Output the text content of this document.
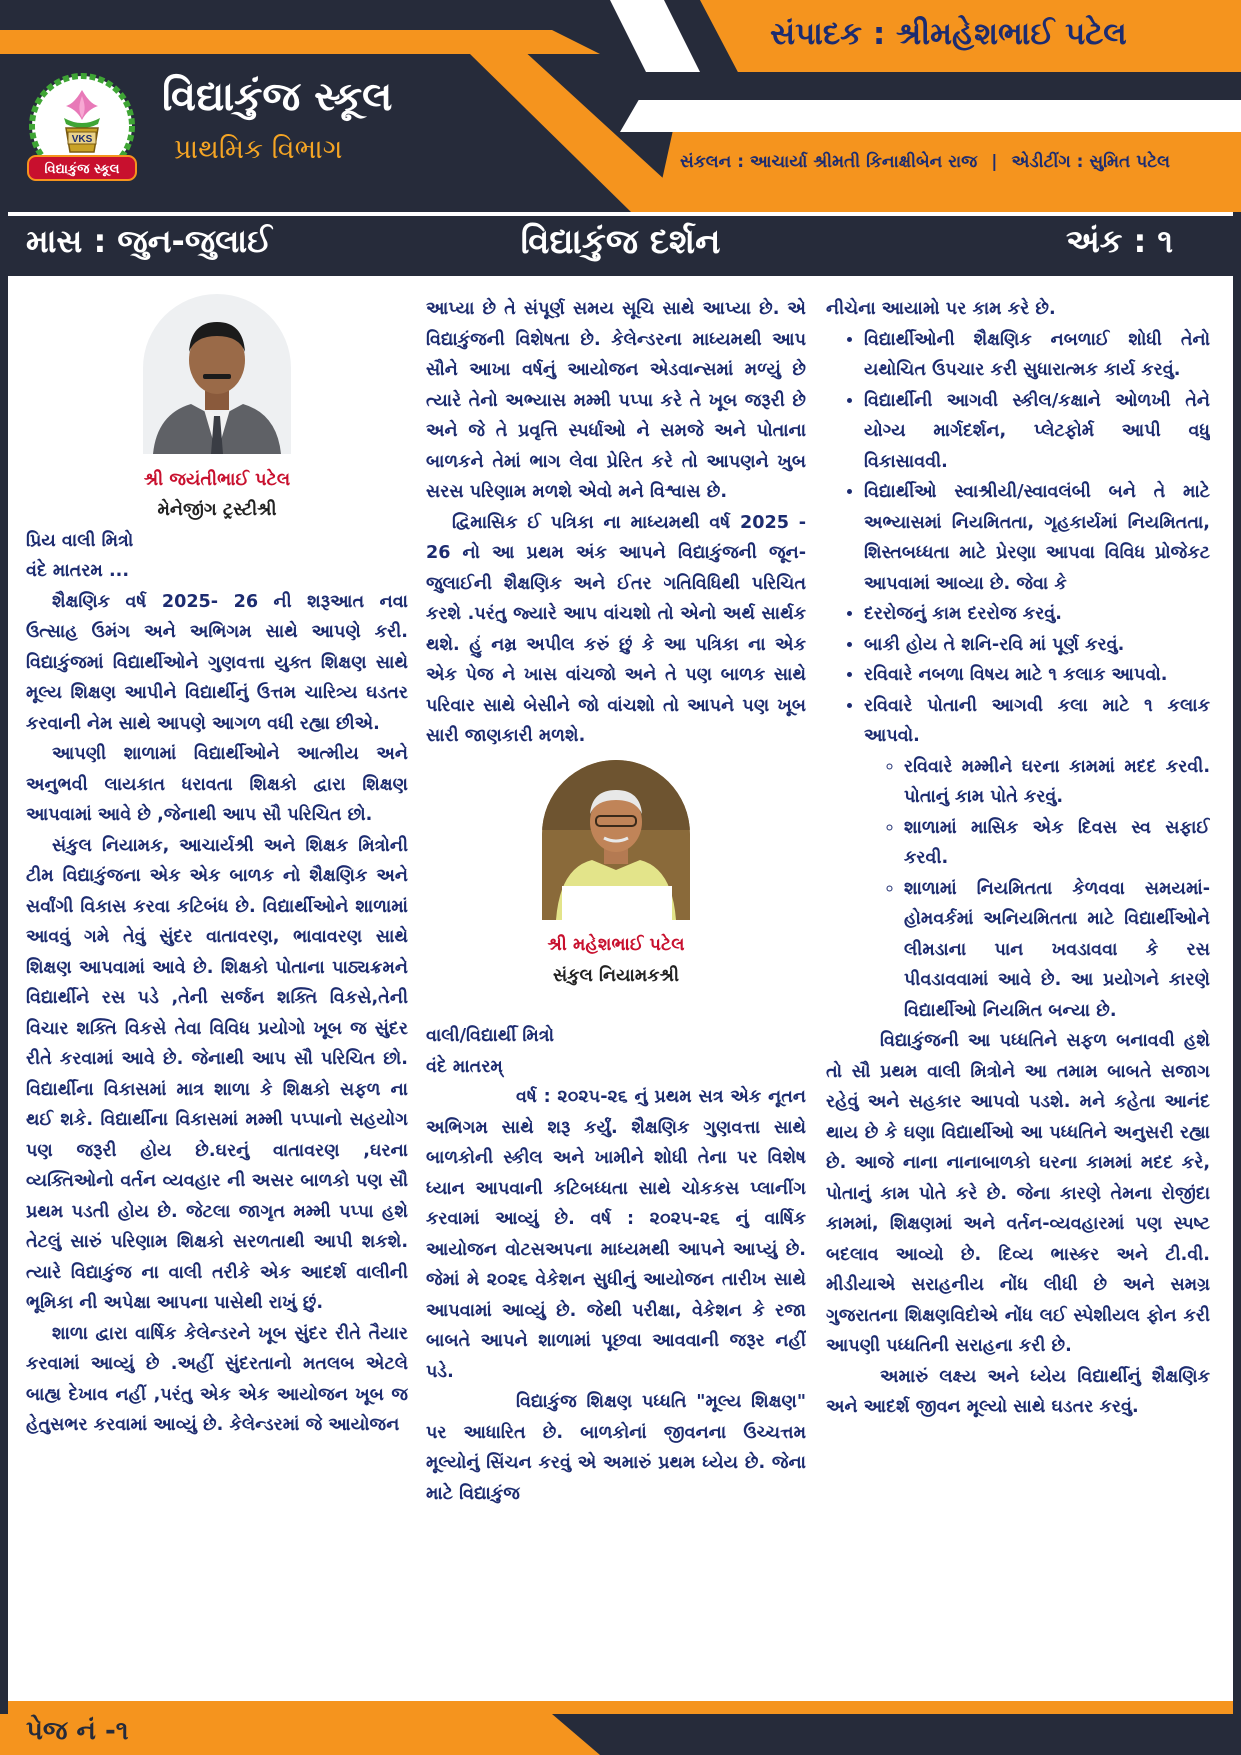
સંપાદક : શ્રીમહેશભાઈ પટેલ
VKS
વિદ્યાકુંજ સ્કૂલ
વિદ્યાકુંજ સ્કૂલ
પ્રાથમિક વિભાગ	સંકલન : આચાર્યા શ્રીમતી કિનાક્ષીબેન રાજ | એડીટીંગ : સુમિત પટેલ
માસ : જુન-જુલાઈ	વિદ્યાકુંજ દર્શન	અંક : ૧
શ્રી જયંતીભાઈ પટેલ
મેનેજીંગ ટ્રસ્ટીશ્રી

પ્રિય વાલી મિત્રો

વંદે માતરમ ...

શૈક્ષણિક વર્ષ 2025- 26 ની શરૂઆત નવા ઉત્સાહ ઉમંગ અને અભિગમ સાથે આપણે કરી. વિદ્યાકુંજમાં વિદ્યાર્થીઓને ગુણવત્તા યુક્ત શિક્ષણ સાથે મૂલ્ય શિક્ષણ આપીને વિદ્યાર્થીનું ઉત્તમ ચારિત્ર્ય ઘડતર કરવાની નેમ સાથે આપણે આગળ વધી રહ્યા છીએ.

આપણી શાળામાં વિદ્યાર્થીઓને આત્મીય અને અનુભવી લાયકાત ધરાવતા શિક્ષકો દ્વારા શિક્ષણ આપવામાં આવે છે ,જેનાથી આપ સૌ પરિચિત છો.

સંકુલ નિયામક, આચાર્યશ્રી અને શિક્ષક મિત્રોની ટીમ વિદ્યાકુંજના એક એક બાળક નો શૈક્ષણિક અને સર્વાંગી વિકાસ કરવા કટિબંધ છે. વિદ્યાર્થીઓને શાળામાં આવવું ગમે તેવું સુંદર વાતાવરણ, ભાવાવરણ સાથે શિક્ષણ આપવામાં આવે છે. શિક્ષકો પોતાના પાઠ્યક્રમને વિદ્યાર્થીને રસ પડે ,તેની સર્જન શક્તિ વિકસે,તેની વિચાર શક્તિ વિકસે તેવા વિવિધ પ્રયોગો ખૂબ જ સુંદર રીતે કરવામાં આવે છે. જેનાથી આપ સૌ પરિચિત છો. વિદ્યાર્થીના વિકાસમાં માત્ર શાળા કે શિક્ષકો સફળ ના થઈ શકે. વિદ્યાર્થીના વિકાસમાં મમ્મી પપ્પાનો સહયોગ પણ જરૂરી હોય છે.ઘરનું વાતાવરણ ,ઘરના વ્યક્તિઓનો વર્તન વ્યવહાર ની અસર બાળકો પણ સૌ પ્રથમ પડતી હોય છે. જેટલા જાગૃત મમ્મી પપ્પા હશે તેટલું સારું પરિણામ શિક્ષકો સરળતાથી આપી શકશે. ત્યારે વિદ્યાકુંજ ના વાલી તરીકે એક આદર્શ વાલીની ભૂમિકા ની અપેક્ષા આપના પાસેથી રાખું છું.

શાળા દ્વારા વાર્ષિક કેલેન્ડરને ખૂબ સુંદર રીતે તૈયાર કરવામાં આવ્યું છે .અહીં સુંદરતાનો મતલબ એટલે બાહ્ય દેખાવ નહીં ,પરંતુ એક એક આયોજન ખૂબ જ હેતુસભર કરવામાં આવ્યું છે. કેલેન્ડરમાં જે આયોજન

આપ્યા છે તે સંપૂર્ણ સમય સૂચિ સાથે આપ્યા છે. એ વિદ્યાકુંજની વિશેષતા છે. કેલેન્ડરના માધ્યમથી આપ સૌને આખા વર્ષનું આયોજન એડવાન્સમાં મળ્યું છે ત્યારે તેનો અભ્યાસ મમ્મી પપ્પા કરે તે ખૂબ જરૂરી છે અને જે તે પ્રવૃત્તિ સ્પર્ધાઓ ને સમજે અને પોતાના બાળકને તેમાં ભાગ લેવા પ્રેરિત કરે તો આપણને ખુબ સરસ પરિણામ મળશે એવો મને વિશ્વાસ છે.

દ્વિમાસિક ઈ પત્રિકા ના માધ્યમથી વર્ષ 2025 - 26 નો આ પ્રથમ અંક આપને વિદ્યાકુંજની જૂન-જુલાઈની શૈક્ષણિક અને ઈતર ગતિવિધિથી પરિચિત કરશે .પરંતુ જ્યારે આપ વાંચશો તો એનો અર્થ સાર્થક થશે. હું નમ્ર અપીલ કરું છું કે આ પત્રિકા ના એક એક પેજ ને ખાસ વાંચજો અને તે પણ બાળક સાથે પરિવાર સાથે બેસીને જો વાંચશો તો આપને પણ ખૂબ સારી જાણકારી મળશે.

શ્રી મહેશભાઈ પટેલ
સંકુલ નિયામકશ્રી

વાલી/વિદ્યાર્થી મિત્રો

વંદે માતરમ્

વર્ષ : ૨૦૨૫-૨૬ નું પ્રથમ સત્ર એક નૂતન અભિગમ સાથે શરૂ કર્યું. શૈક્ષણિક ગુણવત્તા સાથે બાળકોની સ્કીલ અને ખામીને શોધી તેના પર વિશેષ ધ્યાન આપવાની કટિબધ્ધતા સાથે ચોકકસ પ્લાનીંગ કરવામાં આવ્યું છે. વર્ષ : ૨૦૨૫-૨૬ નું વાર્ષિક આયોજન વોટસઅપના માધ્યમથી આપને આપ્યું છે. જેમાં મે ૨૦૨૬ વેકેશન સુધીનું આયોજન તારીખ સાથે આપવામાં આવ્યું છે. જેથી પરીક્ષા, વેકેશન કે રજા બાબતે આપને શાળામાં પૂછવા આવવાની જરૂર નહીં પડે.

વિદ્યાકુંજ શિક્ષણ પધ્ધતિ "મૂલ્ય શિક્ષણ" પર આધારિત છે. બાળકોનાં જીવનના ઉચ્ચત્તમ મૂલ્યોનું સિંચન કરવું એ અમારું પ્રથમ ધ્યેય છે. જેના માટે વિદ્યાકુંજ

નીચેના આયામો પર કામ કરે છે.

• વિદ્યાર્થીઓની શૈક્ષણિક નબળાઈ શોધી તેનો યથોચિત ઉપચાર કરી સુધારાત્મક કાર્ય કરવું.
• વિદ્યાર્થીની આગવી સ્કીલ/કક્ષાને ઓળખી તેને યોગ્ય માર્ગદર્શન, પ્લેટફોર્મ આપી વધુ વિકાસાવવી.
• વિદ્યાર્થીઓ સ્વાશ્રીયી/સ્વાવલંબી બને તે માટે અભ્યાસમાં નિયમિતતા, ગૃહકાર્યમાં નિયમિતતા, શિસ્તબધ્ધતા માટે પ્રેરણા આપવા વિવિધ પ્રોજેકટ આપવામાં આવ્યા છે. જેવા કે
• દરરોજનું કામ દરરોજ કરવું.
• બાકી હોય તે શનિ-રવિ માં પૂર્ણ કરવું.
• રવિવારે નબળા વિષય માટે ૧ કલાક આપવો.
• રવિવારે પોતાની આગવી કલા માટે ૧ કલાક આપવો.
◦ રવિવારે મમ્મીને ઘરના કામમાં મદદ કરવી. પોતાનું કામ પોતે કરવું.
◦ શાળામાં માસિક એક દિવસ સ્વ સફાઈ કરવી.
◦ શાળામાં નિયમિતતા કેળવવા સમયમાં-હોમવર્કમાં અનિયમિતતા માટે વિદ્યાર્થીઓને લીમડાના પાન ખવડાવવા કે રસ પીવડાવવામાં આવે છે. આ પ્રયોગને કારણે વિદ્યાર્થીઓ નિયમિત બન્યા છે.

વિદ્યાકુંજની આ પધ્ધતિને સફળ બનાવવી હશે તો સૌ પ્રથમ વાલી મિત્રોને આ તમામ બાબતે સજાગ રહેવું અને સહકાર આપવો પડશે. મને કહેતા આનંદ થાય છે કે ઘણા વિદ્યાર્થીઓ આ પધ્ધતિને અનુસરી રહ્યા છે. આજે નાના નાનાબાળકો ઘરના કામમાં મદદ કરે, પોતાનું કામ પોતે કરે છે. જેના કારણે તેમના રોજીંદા કામમાં, શિક્ષણમાં અને વર્તન-વ્યવહારમાં પણ સ્પષ્ટ બદલાવ આવ્યો છે. દિવ્ય ભાસ્કર અને ટી.વી. મીડીયાએ સરાહનીય નોંધ લીધી છે અને સમગ્ર ગુજરાતના શિક્ષણવિદોએ નોંધ લઈ સ્પેશીયલ ફોન કરી આપણી પધ્ધતિની સરાહના કરી છે.

અમારું લક્ષ્ય અને ધ્યેય વિદ્યાર્થીનું શૈક્ષણિક અને આદર્શ જીવન મૂલ્યો સાથે ઘડતર કરવું.

પેજ નં -૧
